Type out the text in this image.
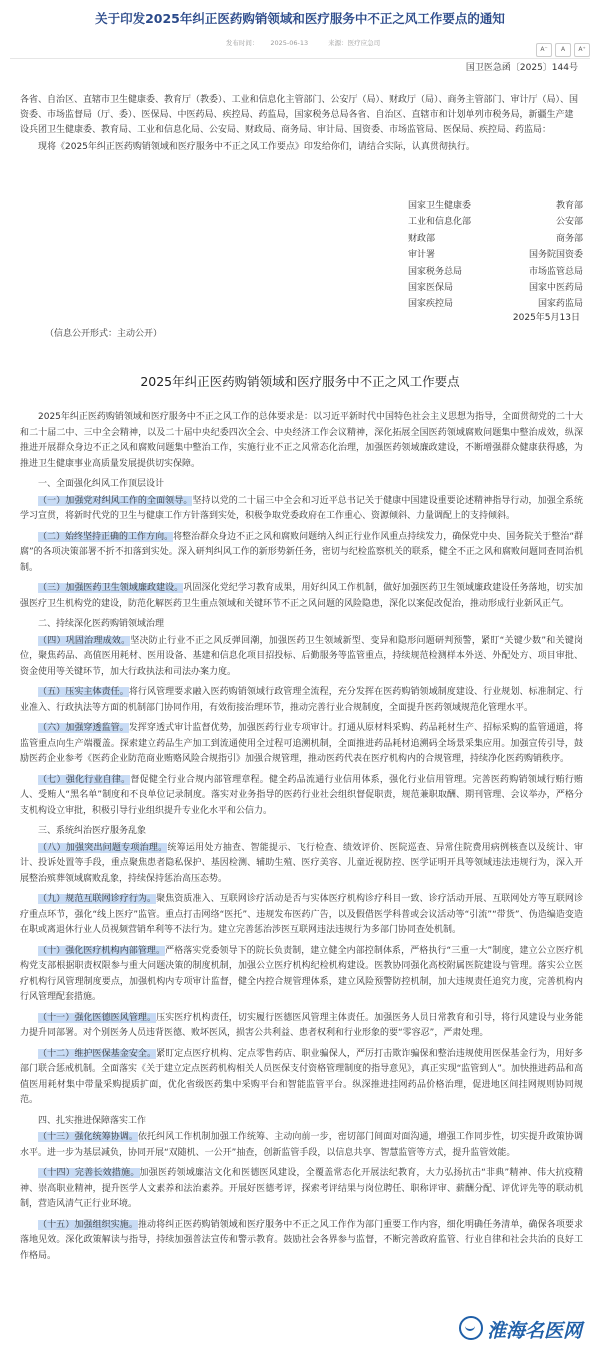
关于印发2025年纠正医药购销领域和医疗服务中不正之风工作要点的通知
发布时间： 2025-06-13	来源：医疗应急司
A⁻ A A⁺
国卫医急函〔2025〕144号
各省、自治区、直辖市卫生健康委、教育厅（教委）、工业和信息化主管部门、公安厅（局）、财政厅（局）、商务主管部门、审计厅（局）、国资委、市场监督局（厅、委）、医保局、中医药局、疾控局、药监局，国家税务总局各省、自治区、直辖市和计划单列市税务局，新疆生产建设兵团卫生健康委、教育局、工业和信息化局、公安局、财政局、商务局、审计局、国资委、市场监管局、医保局、疾控局、药监局：
现将《2025年纠正医药购销领域和医疗服务中不正之风工作要点》印发给你们，请结合实际，认真贯彻执行。
国家卫生健康委	教育部
工业和信息化部	公安部
财政部	商务部
审计署	国务院国资委
国家税务总局	市场监管总局
国家医保局	国家中医药局
国家疾控局	国家药监局
2025年5月13日
（信息公开形式：主动公开）
2025年纠正医药购销领域和医疗服务中不正之风工作要点

2025年纠正医药购销领域和医疗服务中不正之风工作的总体要求是：以习近平新时代中国特色社会主义思想为指导，全面贯彻党的二十大和二十届二中、三中全会精神，以及二十届中央纪委四次全会、中央经济工作会议精神，深化拓展全国医药领域腐败问题集中整治成效，纵深推进开展群众身边不正之风和腐败问题集中整治工作，实施行业不正之风常态化治理，加强医药领域廉政建设，不断增强群众健康获得感，为推进卫生健康事业高质量发展提供切实保障。

一、全面强化纠风工作顶层设计

（一）加强党对纠风工作的全面领导。坚持以党的二十届三中全会和习近平总书记关于健康中国建设重要论述精神指导行动，加强全系统学习宣贯，将新时代党的卫生与健康工作方针落到实处，积极争取党委政府在工作重心、资源倾斜、力量调配上的支持倾斜。

（二）始终坚持正确的工作方向。将整治群众身边不正之风和腐败问题纳入纠正行业作风重点持续发力，确保党中央、国务院关于整治“群腐”的各项决策部署不折不扣落到实处。深入研判纠风工作的新形势新任务，密切与纪检监察机关的联系，健全不正之风和腐败问题同查同治机制。

（三）加强医药卫生领域廉政建设。巩固深化党纪学习教育成果，用好纠风工作机制，做好加强医药卫生领域廉政建设任务落地，切实加强医疗卫生机构党的建设，防范化解医药卫生重点领域和关键环节不正之风问题的风险隐患，深化以案促改促治，推动形成行业新风正气。

二、持续深化医药购销领域治理

（四）巩固治理成效。坚决防止行业不正之风反弹回潮，加强医药卫生领域新型、变异和隐形问题研判预警，紧盯“关键少数”和关键岗位，聚焦药品、高值医用耗材、医用设备、基建和信息化项目招投标、后勤服务等监管重点，持续规范检测样本外送、外配处方、项目审批、资金使用等关键环节，加大行政执法和司法办案力度。

（五）压实主体责任。将行风管理要求融入医药购销领域行政管理全流程，充分发挥在医药购销领域制度建设、行业规划、标准制定、行业准入、行政执法等方面的机制部门协同作用，有效衔接治理环节，推动完善行业合规制度，全面提升医药领域规范化管理水平。

（六）加强穿透监管。发挥穿透式审计监督优势，加强医药行业专项审计。打通从原材料采购、药品耗材生产、招标采购的监管通道，将监管重点向生产端覆盖。探索建立药品生产加工到流通使用全过程可追溯机制，全面推进药品耗材追溯码全场景采集应用。加强宣传引导，鼓励医药企业参考《医药企业防范商业贿赂风险合规指引》加强合规管理，推动医药代表在医疗机构内的合规管理，持续净化医药购销秩序。

（七）强化行业自律。督促健全行业合规内部管理章程。健全药品流通行业信用体系，强化行业信用管理。完善医药购销领域行贿行贿人、受贿人“黑名单”制度和不良单位记录制度。落实对业务指导的医药行业社会组织督促职责，规范兼职取酬、期刊管理、会议举办，严格分支机构设立审批，积极引导行业组织提升专业化水平和公信力。

三、系统纠治医疗服务乱象

（八）加强突出问题专项治理。统筹运用处方抽查、智能提示、飞行检查、绩效评价、医院巡查、异常住院费用病例核查以及统计、审计、投诉处置等手段，重点聚焦患者隐私保护、基因检测、辅助生殖、医疗美容、儿童近视防控、医学证明开具等领域违法违规行为，深入开展整治殡葬领域腐败乱象，持续保持惩治高压态势。

（九）规范互联网诊疗行为。聚焦资质准入、互联网诊疗活动是否与实体医疗机构诊疗科目一致、诊疗活动开展、互联网处方等互联网诊疗重点环节，强化“线上医疗”监管。重点打击网络“医托”、违规发布医药广告，以及假借医学科普或会议活动等“引流”“带货”、伪造编造变造在职或离退休行业人员视频营销牟利等不法行为。建立完善惩治涉医互联网违法违规行为多部门协同查处机制。

（十）强化医疗机构内部管理。严格落实党委领导下的院长负责制，建立健全内部控制体系，严格执行“三重一大”制度，建立公立医疗机构党支部根据职责权限参与重大问题决策的制度机制，加强公立医疗机构纪检机构建设。医教协同强化高校附属医院建设与管理。落实公立医疗机构行风管理制度要点，加强机构内专项审计监督，健全内控合规管理体系，建立风险预警防控机制，加大违规责任追究力度，完善机构内行风管理配套措施。

（十一）强化医德医风管理。压实医疗机构责任，切实履行医德医风管理主体责任。加强医务人员日常教育和引导，将行风建设与业务能力提升同部署。对个别医务人员违背医德、败坏医风，损害公共利益、患者权利和行业形象的要“零容忍”，严肃处理。

（十二）维护医保基金安全。紧盯定点医疗机构、定点零售药店、职业骗保人，严厉打击欺诈骗保和整治违规使用医保基金行为，用好多部门联合惩戒机制。全面落实《关于建立定点医药机构相关人员医保支付资格管理制度的指导意见》，真正实现“监管到人”。加快推进药品和高值医用耗材集中带量采购提质扩面，优化省级医药集中采购平台和智能监管平台。纵深推进挂网药品价格治理，促进地区间挂网规则协同规范。

四、扎实推进保障落实工作

（十三）强化统筹协调。依托纠风工作机制加强工作统筹、主动向前一步，密切部门间面对面沟通，增强工作同步性，切实提升政策协调水平。进一步为基层减负，协同开展“双随机、一公开”抽查，创新监管手段，以信息共享、智慧监管等方式，提升监管效能。

（十四）完善长效措施。加强医药领域廉洁文化和医德医风建设，全覆盖常态化开展法纪教育，大力弘扬抗击“非典”精神、伟大抗疫精神、崇高职业精神，提升医学人文素养和法治素养。开展好医德考评，探索考评结果与岗位聘任、职称评审、薪酬分配、评优评先等的联动机制，营造风清气正行业环境。

（十五）加强组织实施。推动将纠正医药购销领域和医疗服务中不正之风工作作为部门重要工作内容，细化明确任务清单，确保各项要求落地见效。深化政策解读与指导，持续加强普法宣传和警示教育。鼓励社会各界参与监督，不断完善政府监管、行业自律和社会共治的良好工作格局。

淮海名医网
